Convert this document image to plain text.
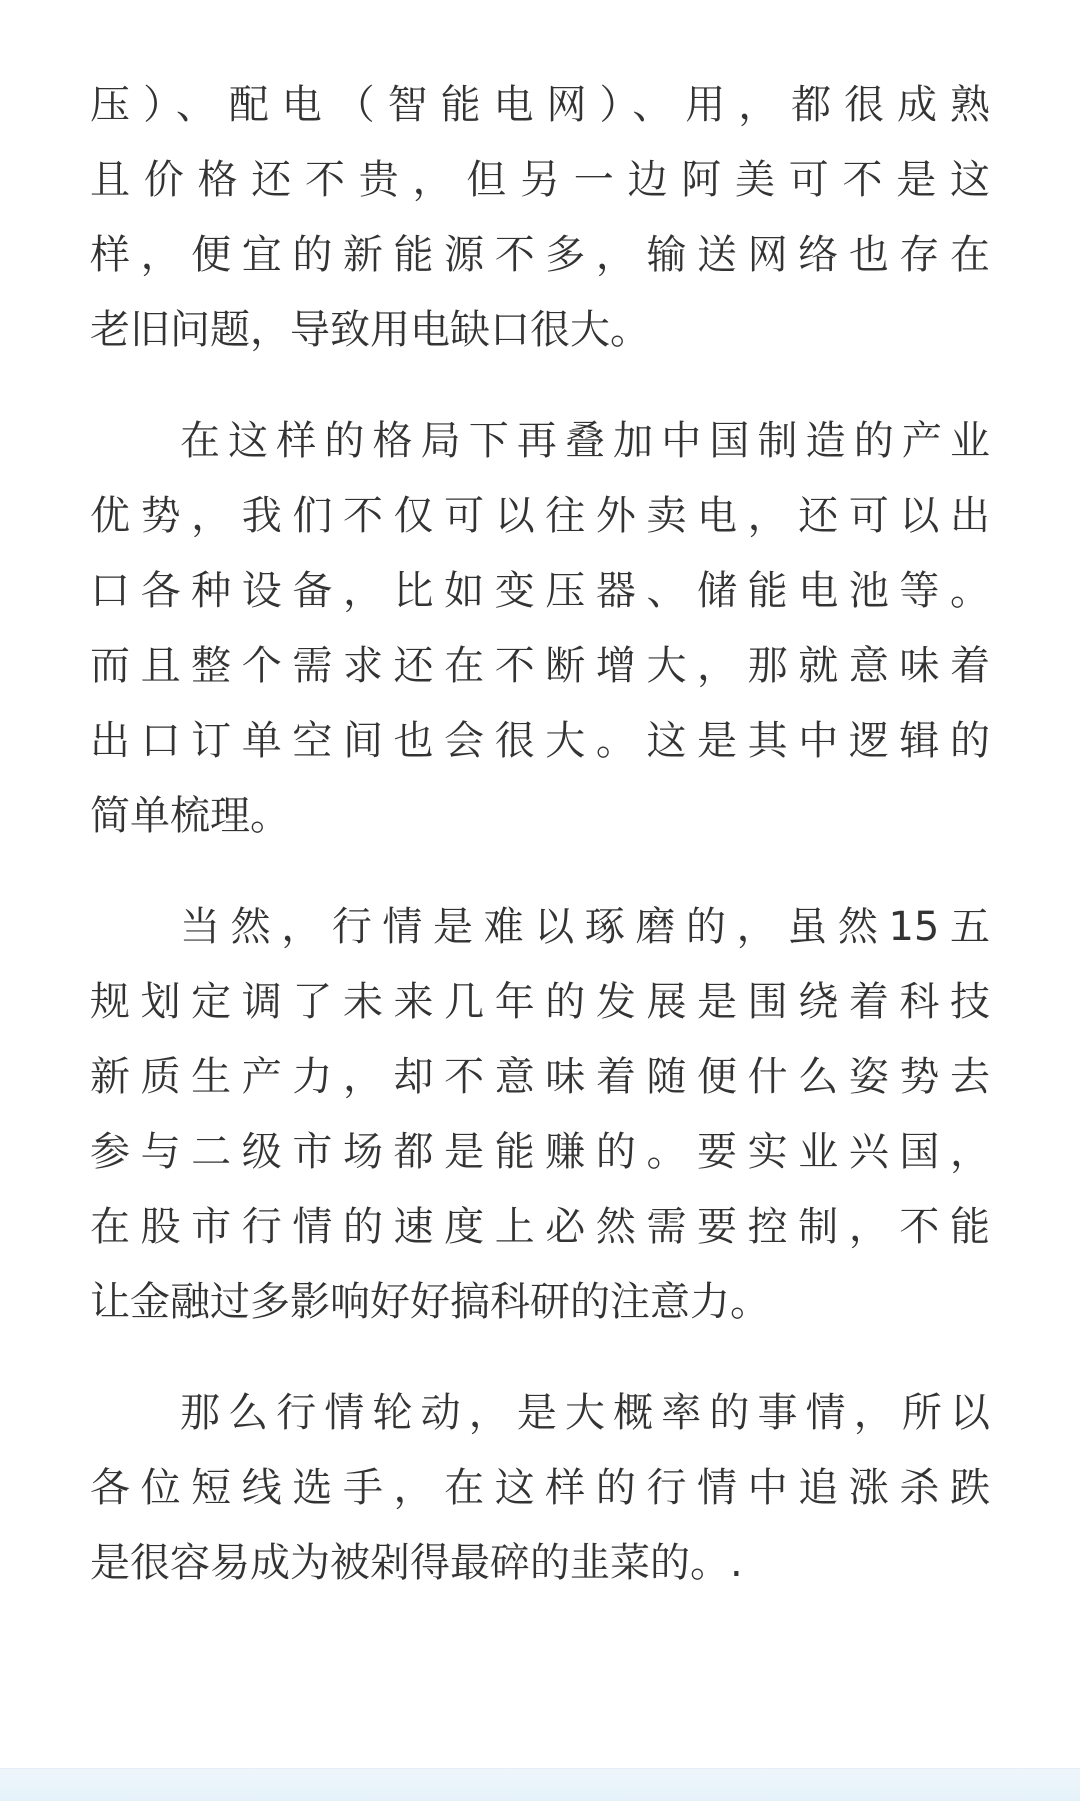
压）、配电（智能电网）、用，都很成熟
且价格还不贵，但另一边阿美可不是这
样，便宜的新能源不多，输送网络也存在
老旧问题，导致用电缺口很大。

在这样的格局下再叠加中国制造的产业
优势，我们不仅可以往外卖电，还可以出
口各种设备，比如变压器、储能电池等。
而且整个需求还在不断增大，那就意味着
出口订单空间也会很大。这是其中逻辑的
简单梳理。

当然，行情是难以琢磨的，虽然15五
规划定调了未来几年的发展是围绕着科技
新质生产力，却不意味着随便什么姿势去
参与二级市场都是能赚的。要实业兴国，
在股市行情的速度上必然需要控制，不能
让金融过多影响好好搞科研的注意力。

那么行情轮动，是大概率的事情，所以
各位短线选手，在这样的行情中追涨杀跌
是很容易成为被剁得最碎的韭菜的。.
